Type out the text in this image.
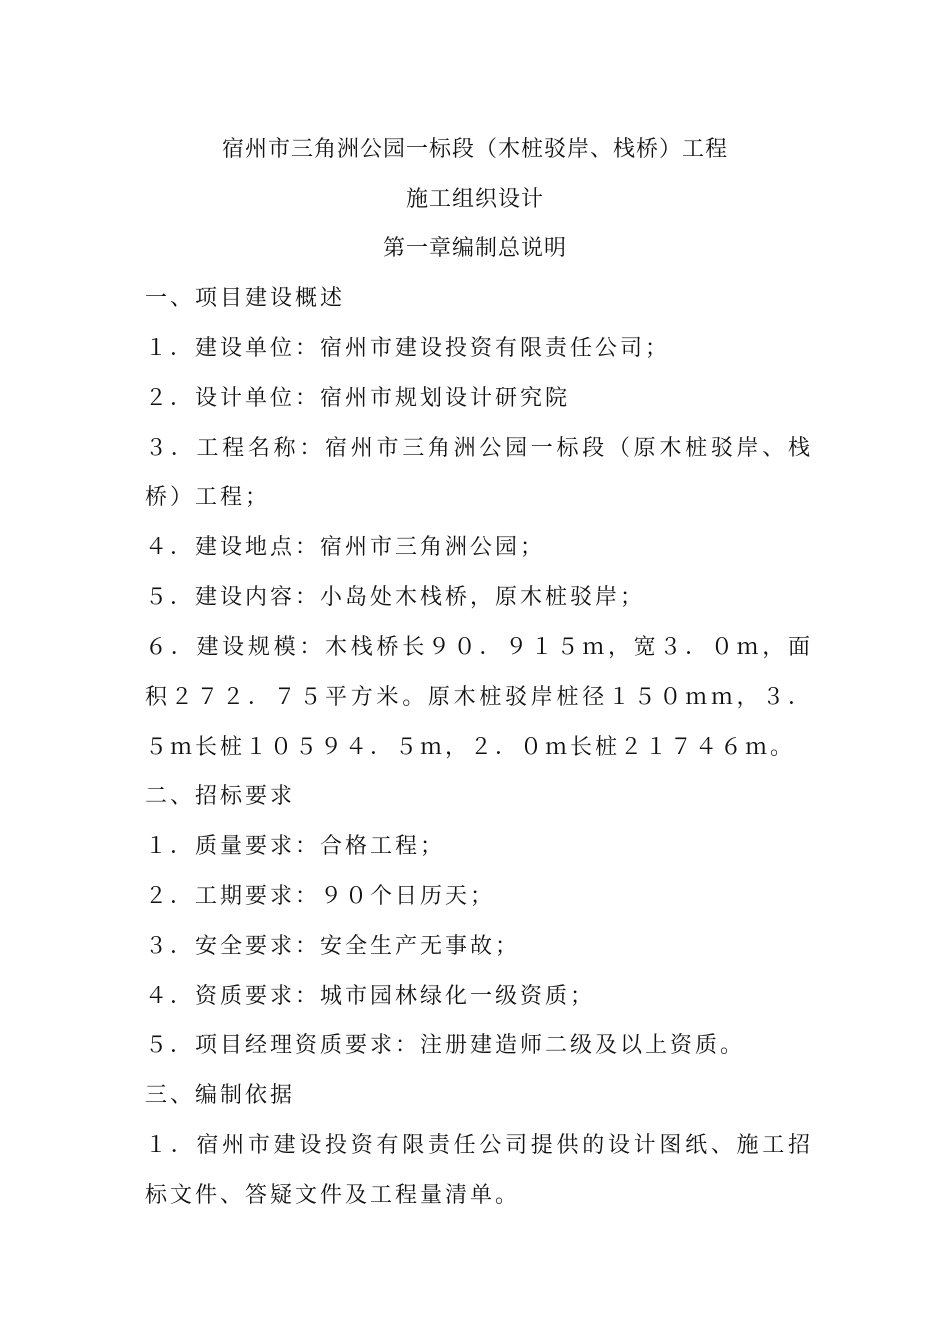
宿州市三角洲公园一标段（木桩驳岸、栈桥）工程
施工组织设计
第一章编制总说明
一、项目建设概述
１．建设单位：宿州市建设投资有限责任公司；
２．设计单位：宿州市规划设计研究院
３．工程名称：宿州市三角洲公园一标段（原木桩驳岸、栈
桥）工程；
４．建设地点：宿州市三角洲公园；
５．建设内容：小岛处木栈桥，原木桩驳岸；
６．建设规模：木栈桥长９０．９１５ｍ，宽３．０ｍ，面
积２７２．７５平方米。原木桩驳岸桩径１５０ｍｍ，３．
５ｍ长桩１０５９４．５ｍ，２．０ｍ长桩２１７４６ｍ。
二、招标要求
１．质量要求：合格工程；
２．工期要求：９０个日历天；
３．安全要求：安全生产无事故；
４．资质要求：城市园林绿化一级资质；
５．项目经理资质要求：注册建造师二级及以上资质。
三、编制依据
１．宿州市建设投资有限责任公司提供的设计图纸、施工招
标文件、答疑文件及工程量清单。
